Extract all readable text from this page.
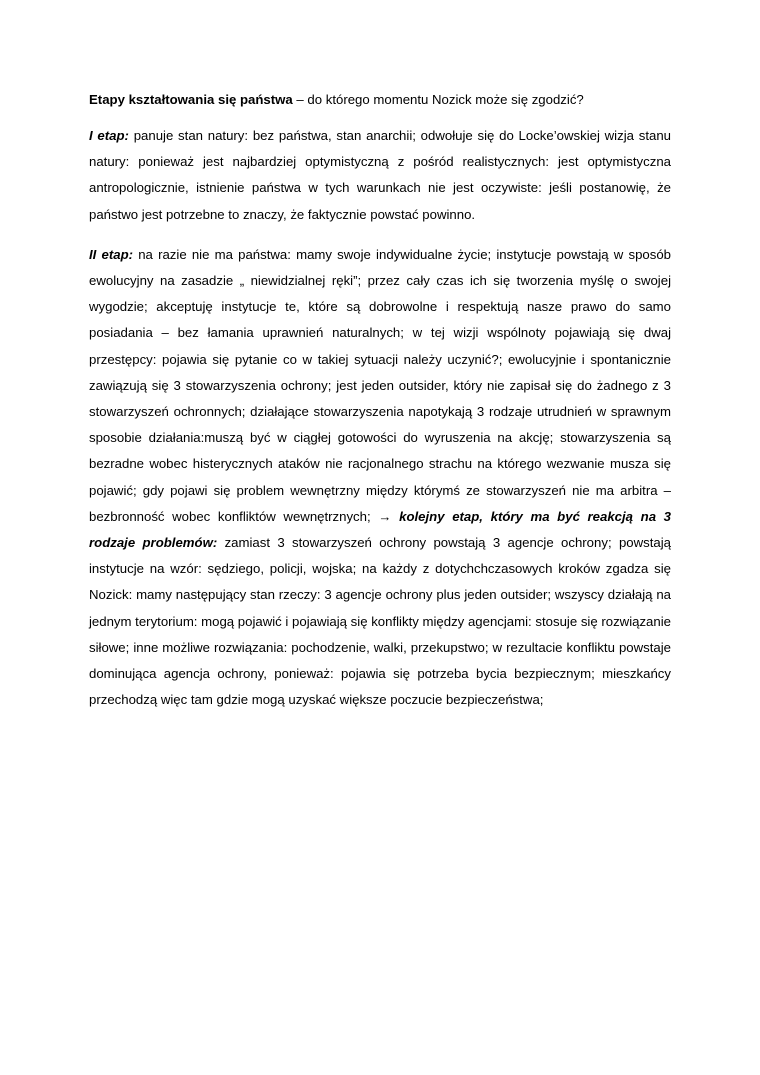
Etapy kształtowania się państwa – do którego momentu Nozick może się zgodzić?

I etap: panuje stan natury: bez państwa, stan anarchii; odwołuje się do Locke’owskiej wizja stanu natury: ponieważ jest najbardziej optymistyczną z pośród realistycznych: jest optymistyczna antropologicznie, istnienie państwa w tych warunkach nie jest oczywiste: jeśli postanowię, że państwo jest potrzebne to znaczy, że faktycznie powstać powinno.

II etap: na razie nie ma państwa: mamy swoje indywidualne życie; instytucje powstają w sposób ewolucyjny na zasadzie „ niewidzialnej ręki”; przez cały czas ich się tworzenia myślę o swojej wygodzie; akceptuję instytucje te, które są dobrowolne i respektują nasze prawo do samo posiadania – bez łamania uprawnień naturalnych; w tej wizji wspólnoty pojawiają się dwaj przestępcy: pojawia się pytanie co w takiej sytuacji należy uczynić?; ewolucyjnie i spontanicznie zawiązują się 3 stowarzyszenia ochrony; jest jeden outsider, który nie zapisał się do żadnego z 3 stowarzyszeń ochronnych; działające stowarzyszenia napotykają 3 rodzaje utrudnień w sprawnym sposobie działania:muszą być w ciągłej gotowości do wyruszenia na akcję; stowarzyszenia są bezradne wobec histerycznych ataków nie racjonalnego strachu na którego wezwanie musza się pojawić; gdy pojawi się problem wewnętrzny między którymś ze stowarzyszeń nie ma arbitra – bezbronność wobec konfliktów wewnętrznych; → kolejny etap, który ma być reakcją na 3 rodzaje problemów: zamiast 3 stowarzyszeń ochrony powstają 3 agencje ochrony; powstają instytucje na wzór: sędziego, policji, wojska; na każdy z dotychchczasowych kroków zgadza się Nozick: mamy następujący stan rzeczy: 3 agencje ochrony plus jeden outsider; wszyscy działają na jednym terytorium: mogą pojawić i pojawiają się konflikty między agencjami: stosuje się rozwiązanie siłowe; inne możliwe rozwiązania: pochodzenie, walki, przekupstwo; w rezultacie konfliktu powstaje dominująca agencja ochrony, ponieważ: pojawia się potrzeba bycia bezpiecznym; mieszkańcy przechodzą więc tam gdzie mogą uzyskać większe poczucie bezpieczeństwa;
